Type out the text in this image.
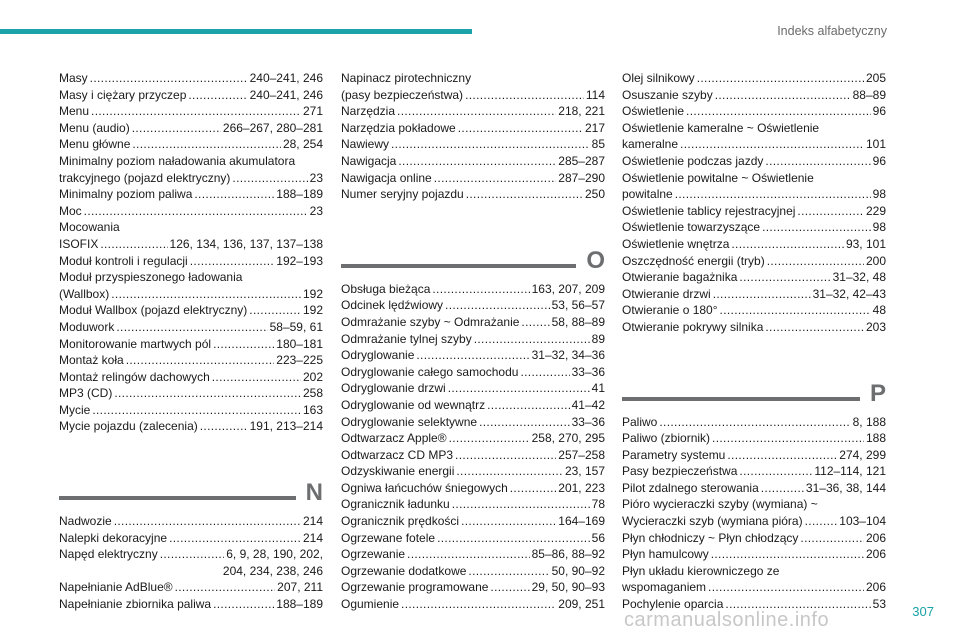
Indeks alfabetyczny
Masy . . .	240–241, 246
Masy i ciężary przyczep . . .	240–241, 246
Menu . . .	271
Menu (audio) . . .	266–267, 280–281
Menu główne . . .	28, 254
Minimalny poziom naładowania akumulatora
trakcyjnego (pojazd elektryczny) . . .	23
Minimalny poziom paliwa . . .	188–189
Moc . . .	23
Mocowania
ISOFIX . . .	126, 134, 136, 137, 137–138
Moduł kontroli i regulacji . . .	192–193
Moduł przyspieszonego ładowania
(Wallbox) . . .	192
Moduł Wallbox (pojazd elektryczny) . . .	192
Moduwork . . .	58–59, 61
Monitorowanie martwych pól . . .	180–181
Montaż koła . . .	223–225
Montaż relingów dachowych . . .	202
MP3 (CD) . . .	258
Mycie . . .	163
Mycie pojazdu (zalecenia) . . .	191, 213–214
N
Nadwozie . . .	214
Nalepki dekoracyjne . . .	214
Napęd elektryczny . . .	6, 9, 28, 190, 202,
204, 234, 238, 246
Napełnianie AdBlue® . . .	207, 211
Napełnianie zbiornika paliwa . . .	188–189
Napinacz pirotechniczny
(pasy bezpieczeństwa) . . .	114
Narzędzia . . .	218, 221
Narzędzia pokładowe . . .	217
Nawiewy . . .	85
Nawigacja . . .	285–287
Nawigacja online . . .	287–290
Numer seryjny pojazdu . . .	250
O
Obsługa bieżąca . . .	163, 207, 209
Odcinek lędźwiowy . . .	53, 56–57
Odmrażanie szyby ~ Odmrażanie . . .	58, 88–89
Odmrażanie tylnej szyby . . .	89
Odryglowanie . . .	31–32, 34–36
Odryglowanie całego samochodu . . .	33–36
Odryglowanie drzwi . . .	41
Odryglowanie od wewnątrz . . .	41–42
Odryglowanie selektywne . . .	33–36
Odtwarzacz Apple® . . .	258, 270, 295
Odtwarzacz CD MP3 . . .	257–258
Odzyskiwanie energii . . .	23, 157
Ogniwa łańcuchów śniegowych . . .	201, 223
Ogranicznik ładunku . . .	78
Ogranicznik prędkości . . .	164–169
Ogrzewane fotele . . .	56
Ogrzewanie . . .	85–86, 88–92
Ogrzewanie dodatkowe . . .	50, 90–92
Ogrzewanie programowane . . .	29, 50, 90–93
Ogumienie . . .	209, 251
Olej silnikowy . . .	205
Osuszanie szyby . . .	88–89
Oświetlenie . . .	96
Oświetlenie kameralne ~ Oświetlenie
kameralne . . .	101
Oświetlenie podczas jazdy . . .	96
Oświetlenie powitalne ~ Oświetlenie
powitalne . . .	98
Oświetlenie tablicy rejestracyjnej . . .	229
Oświetlenie towarzyszące . . .	98
Oświetlenie wnętrza . . .	93, 101
Oszczędność energii (tryb) . . .	200
Otwieranie bagażnika . . .	31–32, 48
Otwieranie drzwi . . .	31–32, 42–43
Otwieranie o 180° . . .	48
Otwieranie pokrywy silnika . . .	203
P
Paliwo . . .	8, 188
Paliwo (zbiornik) . . .	188
Parametry systemu . . .	274, 299
Pasy bezpieczeństwa . . .	112–114, 121
Pilot zdalnego sterowania . . .	31–36, 38, 144
Pióro wycieraczki szyby (wymiana) ~
Wycieraczki szyb (wymiana pióra) . . .	103–104
Płyn chłodniczy ~ Płyn chłodzący . . .	206
Płyn hamulcowy . . .	206
Płyn układu kierowniczego ze
wspomaganiem . . .	206
Pochylenie oparcia . . .	53
carmanualsonline.info	307
